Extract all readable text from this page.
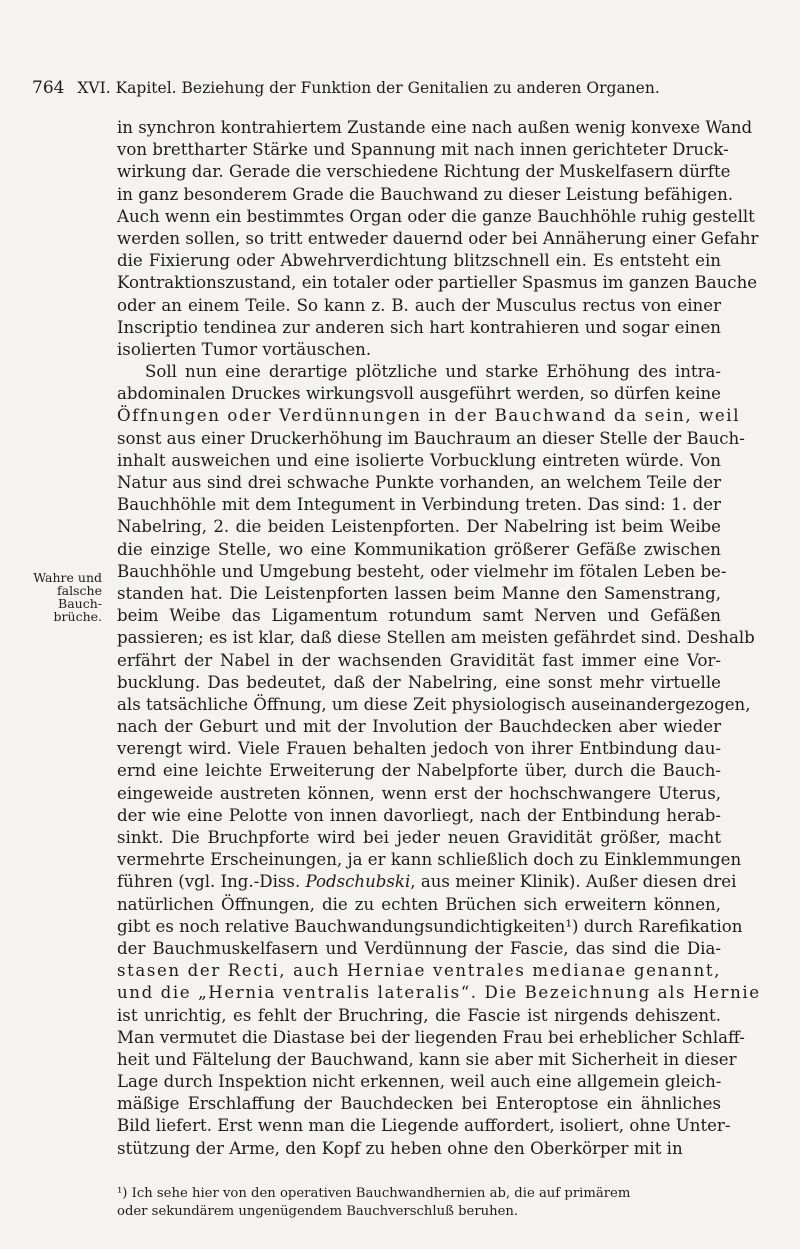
764 XVI. Kapitel. Beziehung der Funktion der Genitalien zu anderen Organen.
Wahre und
falsche Bauch-
brüche.
in synchron kontrahiertem Zustande eine nach außen wenig konvexe Wand
von brettharter Stärke und Spannung mit nach innen gerichteter Druck-
wirkung dar. Gerade die verschiedene Richtung der Muskelfasern dürfte
in ganz besonderem Grade die Bauchwand zu dieser Leistung befähigen.
Auch wenn ein bestimmtes Organ oder die ganze Bauchhöhle ruhig gestellt
werden sollen, so tritt entweder dauernd oder bei Annäherung einer Gefahr
die Fixierung oder Abwehrverdichtung blitzschnell ein. Es entsteht ein
Kontraktionszustand, ein totaler oder partieller Spasmus im ganzen Bauche
oder an einem Teile. So kann z. B. auch der Musculus rectus von einer
Inscriptio tendinea zur anderen sich hart kontrahieren und sogar einen
isolierten Tumor vortäuschen.
Soll nun eine derartige plötzliche und starke Erhöhung des intra-
abdominalen Druckes wirkungsvoll ausgeführt werden, so dürfen keine
Öffnungen oder Verdünnungen in der Bauchwand da sein, weil
sonst aus einer Druckerhöhung im Bauchraum an dieser Stelle der Bauch-
inhalt ausweichen und eine isolierte Vorbucklung eintreten würde. Von
Natur aus sind drei schwache Punkte vorhanden, an welchem Teile der
Bauchhöhle mit dem Integument in Verbindung treten. Das sind: 1. der
Nabelring, 2. die beiden Leistenpforten. Der Nabelring ist beim Weibe
die einzige Stelle, wo eine Kommunikation größerer Gefäße zwischen
Bauchhöhle und Umgebung besteht, oder vielmehr im fötalen Leben be-
standen hat. Die Leistenpforten lassen beim Manne den Samenstrang,
beim Weibe das Ligamentum rotundum samt Nerven und Gefäßen
passieren; es ist klar, daß diese Stellen am meisten gefährdet sind. Deshalb
erfährt der Nabel in der wachsenden Gravidität fast immer eine Vor-
bucklung. Das bedeutet, daß der Nabelring, eine sonst mehr virtuelle
als tatsächliche Öffnung, um diese Zeit physiologisch auseinandergezogen,
nach der Geburt und mit der Involution der Bauchdecken aber wieder
verengt wird. Viele Frauen behalten jedoch von ihrer Entbindung dau-
ernd eine leichte Erweiterung der Nabelpforte über, durch die Bauch-
eingeweide austreten können, wenn erst der hochschwangere Uterus,
der wie eine Pelotte von innen davorliegt, nach der Entbindung herab-
sinkt. Die Bruchpforte wird bei jeder neuen Gravidität größer, macht
vermehrte Erscheinungen, ja er kann schließlich doch zu Einklemmungen
führen (vgl. Ing.-Diss. Podschubski, aus meiner Klinik). Außer diesen drei
natürlichen Öffnungen, die zu echten Brüchen sich erweitern können,
gibt es noch relative Bauchwandungsundichtigkeiten¹) durch Rarefikation
der Bauchmuskelfasern und Verdünnung der Fascie, das sind die Dia-
stasen der Recti, auch Herniae ventrales medianae genannt,
und die „Hernia ventralis lateralis“. Die Bezeichnung als Hernie
ist unrichtig, es fehlt der Bruchring, die Fascie ist nirgends dehiszent.
Man vermutet die Diastase bei der liegenden Frau bei erheblicher Schlaff-
heit und Fältelung der Bauchwand, kann sie aber mit Sicherheit in dieser
Lage durch Inspektion nicht erkennen, weil auch eine allgemein gleich-
mäßige Erschlaffung der Bauchdecken bei Enteroptose ein ähnliches
Bild liefert. Erst wenn man die Liegende auffordert, isoliert, ohne Unter-
stützung der Arme, den Kopf zu heben ohne den Oberkörper mit in
¹) Ich sehe hier von den operativen Bauchwandhernien ab, die auf primärem
oder sekundärem ungenügendem Bauchverschluß beruhen.
